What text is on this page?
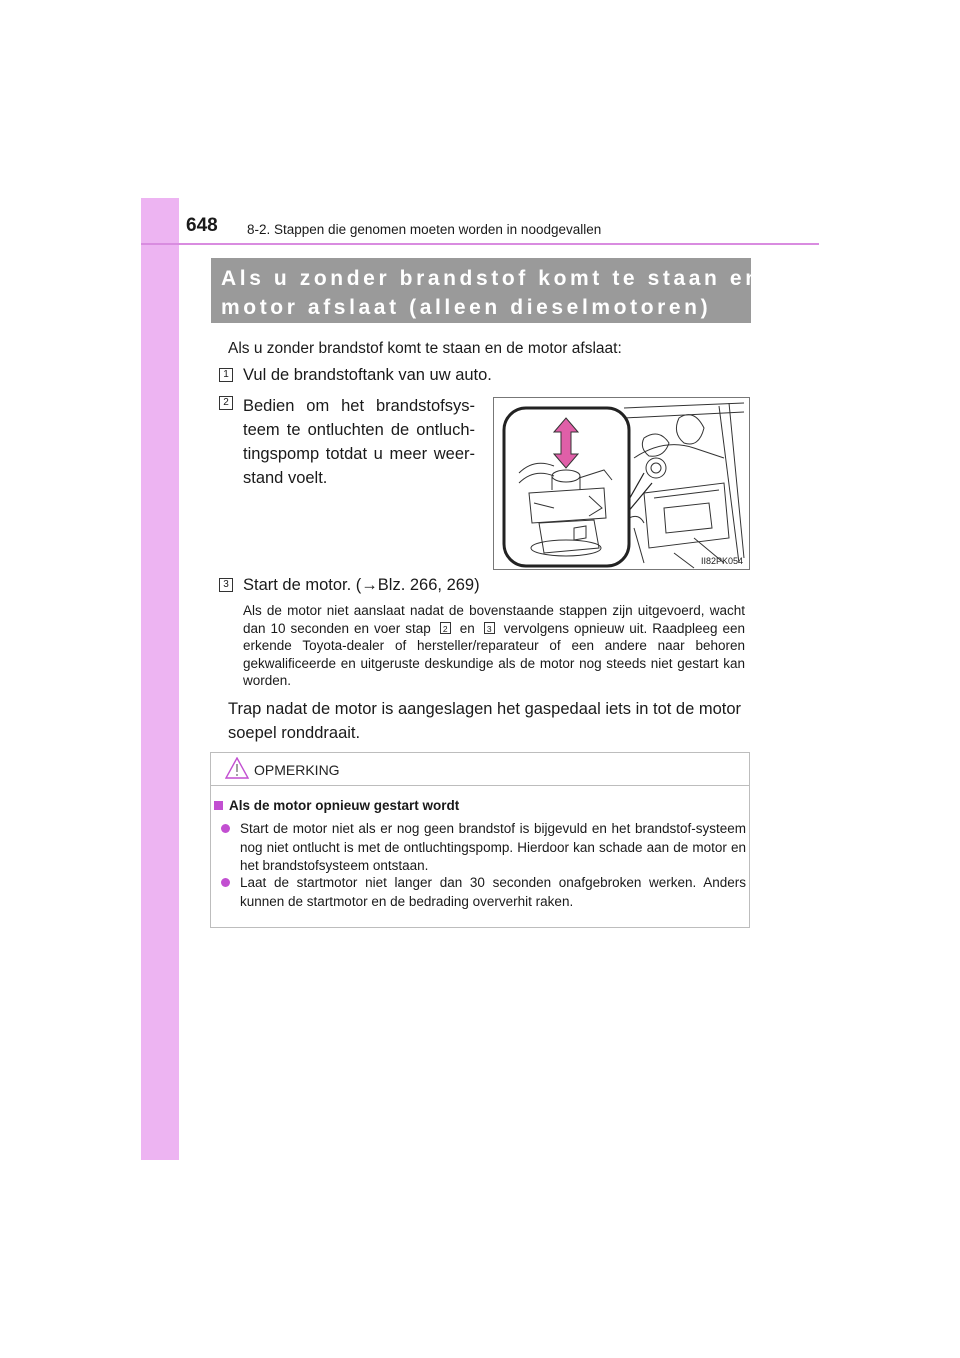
648 8-2. Stappen die genomen moeten worden in noodgevallen
Als u zonder brandstof komt te staan en de
motor afslaat (alleen dieselmotoren)
Als u zonder brandstof komt te staan en de motor afslaat:
1 Vul de brandstoftank van uw auto.
2 Bedien om het brandstofsys-teem te ontluchten de ontluch-tingspomp totdat u meer weer-stand voelt.
II82PK054
3 Start de motor. (→Blz. 266, 269)
Als de motor niet aanslaat nadat de bovenstaande stappen zijn uitgevoerd, wacht dan 10 seconden en voer stap 2 en 3 vervolgens opnieuw uit. Raadpleeg een erkende Toyota-dealer of hersteller/reparateur of een andere naar behoren gekwalificeerde en uitgeruste deskundige als de motor nog steeds niet gestart kan worden.
Trap nadat de motor is aangeslagen het gaspedaal iets in tot de motor soepel ronddraait.
OPMERKING
Als de motor opnieuw gestart wordt
Start de motor niet als er nog geen brandstof is bijgevuld en het brandstof-systeem nog niet ontlucht is met de ontluchtingspomp. Hierdoor kan schade aan de motor en het brandstofsysteem ontstaan.
Laat de startmotor niet langer dan 30 seconden onafgebroken werken. Anders kunnen de startmotor en de bedrading oververhit raken.
